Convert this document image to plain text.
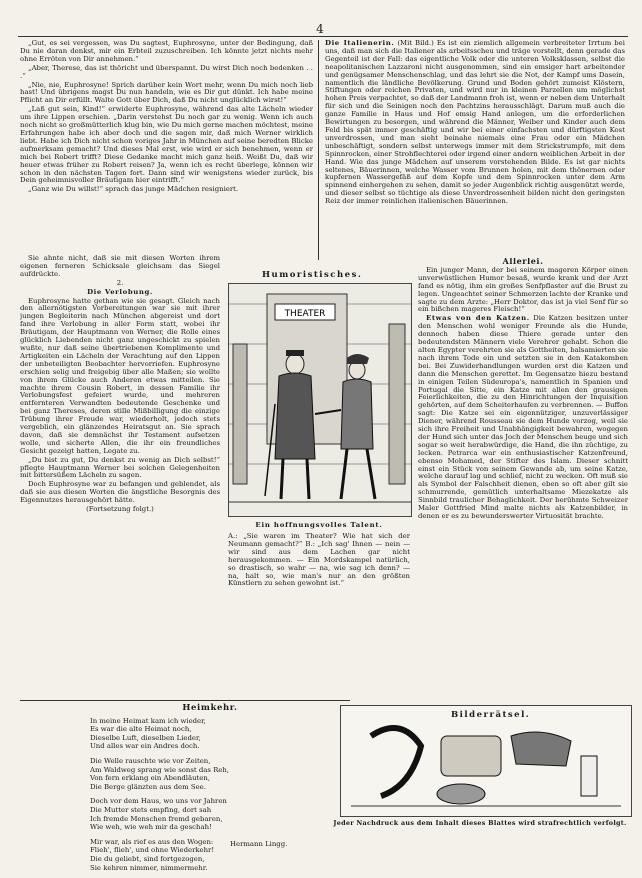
4

„Gut, es sei vergessen, was Du sagtest, Euphrosyne, unter der Bedingung, daß Du nie daran denkst, mir ein Erbteil zuzuschreiben. Ich könnte jetzt nichts mehr ohne Erröten von Dir annehmen.“

„Aber, Therese, das ist thöricht und überspannt. Du wirst Dich noch bedenken . . .“

„Nie, nie, Euphrosyne! Sprich darüber kein Wort mehr, wenn Du mich noch lieb hast! Und übrigens magst Du nun handeln, wie es Dir gut dünkt. Ich habe meine Pflicht an Dir erfüllt. Walte Gott über Dich, daß Du nicht unglücklich wirst!“

„Laß gut sein, Kind!“ erwiderte Euphrosyne, während das alte Lächeln wieder um ihre Lippen erschien. „Darin verstehst Du noch gar zu wenig. Wenn ich auch noch nicht so großmütterlich klug bin, wie Du mich gerne machen möchtest, meine Erfahrungen habe ich aber doch und die sagen mir, daß mich Werner wirklich liebt. Habe ich Dich nicht schon voriges Jahr in München auf seine beredten Blicke aufmerksam gemacht? Und dieses Mal erst, wie wird er sich benehmen, wenn er mich bei Robert trifft? Diese Gedanke macht mich ganz heiß. Weißt Du, daß wir heuer etwas früher zu Robert reisen? Ja, wenn ich es recht überlege, können wir schon in den nächsten Tagen fort. Dann sind wir wenigstens wieder zurück, bis Dein geheimnisvoller Bräutigam hier eintrifft.“

„Ganz wie Du willst!“ sprach das junge Mädchen resigniert.

Sie ahnte nicht, daß sie mit diesen Worten ihrem eigenen ferneren Schicksale gleichsam das Siegel aufdrückte.

2.

Die Verlobung.

Euphrosyne hatte gethan wie sie gesagt. Gleich nach den allernötigsten Vorbereitungen war sie mit ihrer jungen Begleiterin nach München abgereist und dort fand ihre Verlobung in aller Form statt, wobei ihr Bräutigam, der Hauptmann von Werner, die Rolle eines glücklich Liebenden nicht ganz ungeschickt zu spielen wußte, nur daß seine übertriebenen Komplimente und Artigkeiten ein Lächeln der Verachtung auf den Lippen der unbeteiligten Beobachter hervorriefen. Euphrosyne erschien selig und freigebig über alle Maßen; sie wollte von ihrem Glücke auch Anderen etwas mitteilen. Sie machte ihrem Cousin Robert, in dessen Familie ihr Verlobungsfest gefeiert wurde, und mehreren entfernteren Verwandten bedeutende Geschenke und bei ganz Thereses, deren stille Mißbilligung die einzige Trübung ihrer Freude war, wiederholt, jedoch stets vergeblich, ein glänzendes Heiratsgut an. Sie sprach davon, daß sie demnächst ihr Testament aufsetzen wolle, und sicherte Allen, die ihr ein freundliches Gesicht gezeigt hatten, Legate zu.

„Du bist zu gut, Du denkst zu wenig an Dich selbst!“ pflegte Hauptmann Werner bei solchen Gelegenheiten mit bittersüßem Lächeln zu sagen.

Doch Euphrosyne war zu befangen und geblendet, als daß sie aus diesen Worten die ängstliche Besorgnis des Eigennutzes herausgehört hätte.

(Fortsetzung folgt.)

Die Italienerin. (Mit Bild.) Es ist ein ziemlich allgemein verbreiteter Irrtum bei uns, daß man sich die Italiener als arbeitsscheu und träge vorstellt, denn gerade das Gegenteil ist der Fall: das eigentliche Volk oder die unteren Volksklassen, selbst die neapolitanischen Lazzaroni nicht ausgenommen, sind ein emsiger hart arbeitender und genügsamer Menschenschlag, und das lehrt sie die Not, der Kampf ums Dasein, namentlich die ländliche Bevölkerung. Grund und Boden gehört zumeist Klöstern, Stiftungen oder reichen Privaten, und wird nur in kleinen Parzellen um möglichst hohen Preis verpachtet, so daß der Landmann froh ist, wenn er neben dem Unterhalt für sich und die Seinigen noch den Pachtzins herausschlägt. Darum muß auch die ganze Familie in Haus und Hof emsig Hand anlegen, um die erforderlichen Bewirtungen zu besorgen, und während die Männer, Weiber und Kinder auch dem Feld bis spät immer geschäftig und wir bei einer einfachsten und dürftigsten Kost unverdrossen, und man sieht beinahe niemals eine Frau oder ein Mädchen unbeschäftigt, sondern selbst unterwegs immer mit dem Strickstrumpfe, mit dem Spinnrocken, einer Strohflechterei oder irgend einer andern weiblichen Arbeit in der Hand. Wie das junge Mädchen auf unserem vorstehenden Bilde. Es ist gar nichts seltenes, Bäuerinnen, welche Wasser vom Brunnen holen, mit dem thönernen oder kupfernen Wassergefäß auf dem Kopfe und dem Spinnrocken unter dem Arm spinnend einhergehen zu sehen, damit so jeder Augenblick richtig ausgenützt werde, und dieser selbst so tüchtige als diese Unverdrossenheit bilden nicht den geringsten Reiz der immer reinlichen italienischen Bäuerinnen.

Humoristisches.
THEATER
Ein hoffnungsvolles Talent.
A.: „Sie waren im Theater? Wie hat sich der Neumann gemacht?“ B.: „Ich sag' Ihnen — nein — wir sind aus dem Lachen gar nicht herausgekommen. — Ein Mordskampel natürlich, so drastisch, so wahr — na, wie sag ich denn? — na, halt so, wie man's nur an den größten Künstlern zu sehen gewohnt ist.“

Allerlei.

Ein junger Mann, der bei seinem mageren Körper einen unverwüstlichen Humor besaß, wurde krank und der Arzt fand es nötig, ihm ein großes Senfpflaster auf die Brust zu legen. Ungeachtet seiner Schmerzen lachte der Kranke und sagte zu dem Arzte: „Herr Doktor, das ist ja viel Senf für so ein bißchen mageres Fleisch!“

Etwas von den Katzen. Die Katzen besitzen unter den Menschen wohl weniger Freunde als die Hunde, dennoch haben diese Thiere gerade unter den bedeutendsten Männern viele Verehrer gehabt. Schon die alten Egypter verehrten sie als Gottheiten, balsamierten sie nach ihrem Tode ein und setzten sie in den Katakomben bei. Bei Zuwiderhandlungen wurden erst die Katzen und dann die Menschen gerettet. Im Gegensatze hiezu bestand in einigen Teilen Südeuropa's, namentlich in Spanien und Portugal die Sitte, ein Katze mit allen den grausigen Feierlichkeiten, die zu den Hinrichtungen der Inquisition gehörten, auf dem Scheiterhaufen zu verbrennen. — Buffon sagt: Die Katze sei ein eigennütziger, unzuverlässiger Diener, während Rousseau sie dem Hunde vorzog, weil sie sich ihre Freiheit und Unabhängigkeit bewahren, wogegen der Hund sich unter das Joch der Menschen beuge und sich sogar so weit herabwürdige, die Hand, die ihn züchtige, zu lecken. Petrarca war ein enthusiastischer Katzenfreund, ebenso Mohamed, der Stifter des Islam. Dieser schnitt einst ein Stück von seinem Gewande ab, um seine Katze, welche darauf lag und schlief, nicht zu wecken. Oft muß sie als Symbol der Falschheit dienen, eben so oft aber gilt sie schmurrende, gemütlich unterhaltsame Miezekatze als Sinnbild traulicher Behaglichkeit. Der berühmte Schweizer Maler Gottfried Mind malte nichts als Katzenbilder, in denen er es zu bewunderswerter Virtuosität brachte.

Heimkehr.
In meine Heimat kam ich wieder,
Es war die alte Heimat noch,
Dieselbe Luft, dieselben Lieder,
Und alles war ein Andres doch.
Die Welle rauschte wie vor Zeiten,
Am Waldweg sprang wie sonst das Reh,
Von fern erklang ein Abendläuten,
Die Berge glänzten aus dem See.
Doch vor dem Haus, wo uns vor Jahren
Die Mutter stets empfing, dort sah
Ich fremde Menschen fremd gebaren,
Wie weh, wie weh mir da geschah!
Mir war, als rief es aus den Wogen:
Flieh', flieh', und ohne Wiederkehr!
Die du geliebt, sind fortgezogen,
Sie kehren nimmer, nimmermehr.
Hermann Lingg.
Bilderrätsel.
Jeder Nachdruck aus dem Inhalt dieses Blattes wird strafrechtlich verfolgt.
